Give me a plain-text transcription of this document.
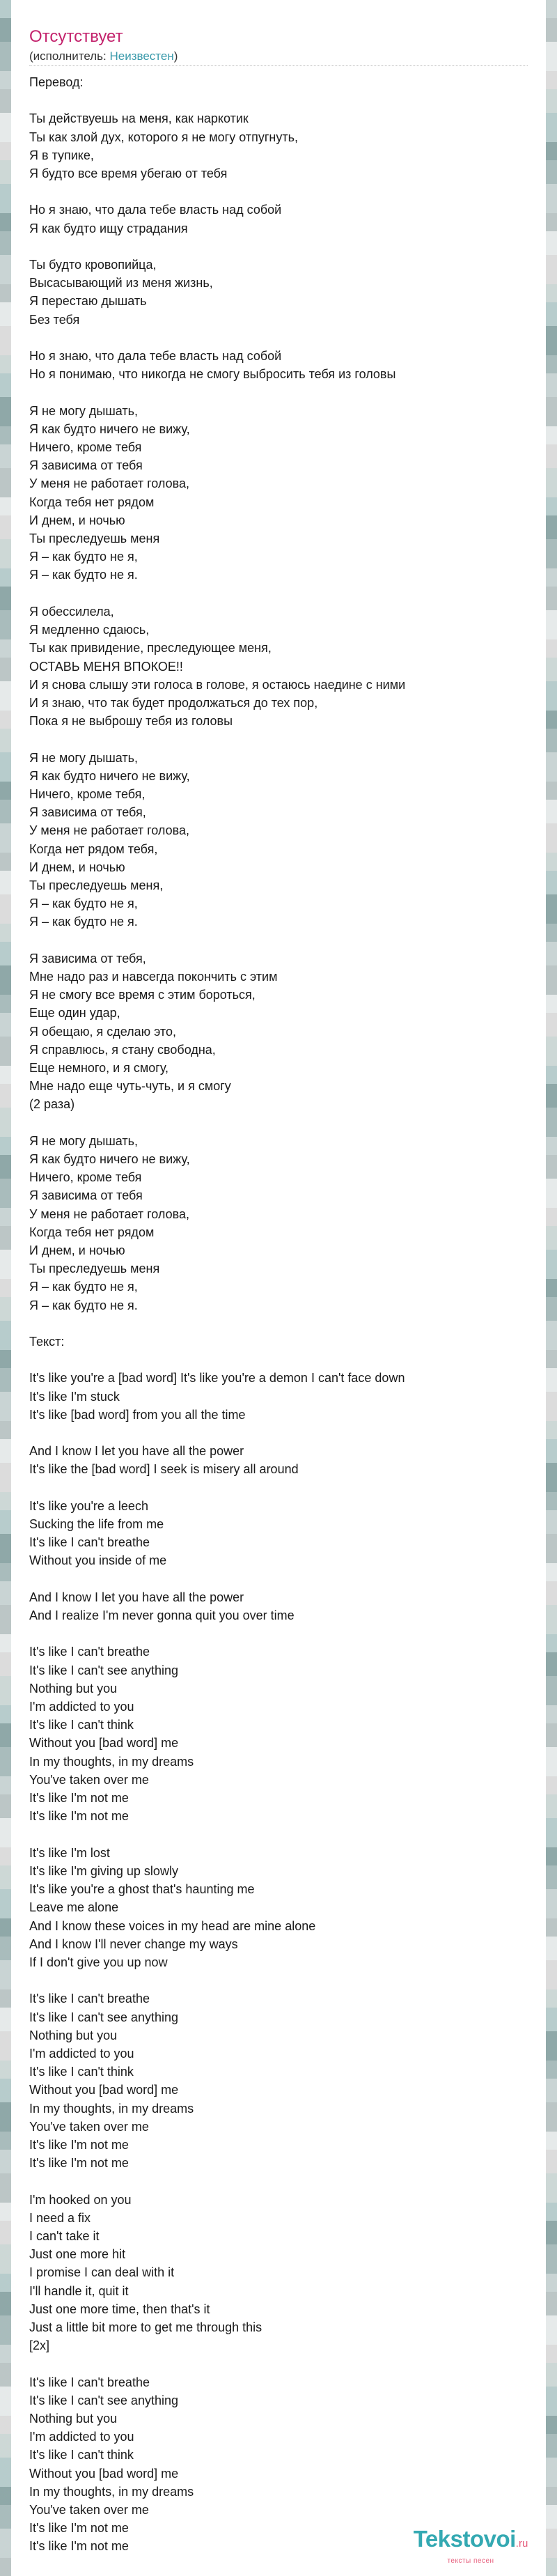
Отсутствует
(исполнитель: Неизвестен)
Перевод:

Ты действуешь на меня, как наркотик
Ты как злой дух, которого я не могу отпугнуть,
Я в тупике,
Я будто все время убегаю от тебя

Но я знаю, что дала тебе власть над собой
Я как будто ищу страдания

Ты будто кровопийца,
Высасывающий из меня жизнь,
Я перестаю дышать
Без тебя

Но я знаю, что дала тебе власть над собой
Но я понимаю, что никогда не смогу выбросить тебя из головы

Я не могу дышать,
Я как будто ничего не вижу,
Ничего, кроме тебя
Я зависима от тебя
У меня не работает голова,
Когда тебя нет рядом
И днем, и ночью
Ты преследуешь меня
Я – как будто не я,
Я – как будто не я.

Я обессилела,
Я медленно сдаюсь,
Ты как привидение, преследующее меня,
ОСТАВЬ МЕНЯ ВПОКОЕ!!
И я снова слышу эти голоса в голове, я остаюсь наедине с ними
И я знаю, что так будет продолжаться до тех пор,
Пока я не выброшу тебя из головы

Я не могу дышать,
Я как будто ничего не вижу,
Ничего, кроме тебя,
Я зависима от тебя,
У меня не работает голова,
Когда нет рядом тебя,
И днем, и ночью
Ты преследуешь меня,
Я – как будто не я,
Я – как будто не я.

Я зависима от тебя,
Мне надо раз и навсегда покончить с этим
Я не смогу все время с этим бороться,
Еще один удар,
Я обещаю, я сделаю это,
Я справлюсь, я стану свободна,
Еще немного, и я смогу,
Мне надо еще чуть-чуть, и я смогу
(2 раза)

Я не могу дышать,
Я как будто ничего не вижу,
Ничего, кроме тебя
Я зависима от тебя
У меня не работает голова,
Когда тебя нет рядом
И днем, и ночью
Ты преследуешь меня
Я – как будто не я,
Я – как будто не я.

Текст:

It's like you're a [bad word] It's like you're a demon I can't face down
It's like I'm stuck
It's like [bad word] from you all the time

And I know I let you have all the power
It's like the [bad word] I seek is misery all around

It's like you're a leech
Sucking the life from me
It's like I can't breathe
Without you inside of me

And I know I let you have all the power
And I realize I'm never gonna quit you over time

It's like I can't breathe
It's like I can't see anything
Nothing but you
I'm addicted to you
It's like I can't think
Without you [bad word] me
In my thoughts, in my dreams
You've taken over me
It's like I'm not me
It's like I'm not me

It's like I'm lost
It's like I'm giving up slowly
It's like you're a ghost that's haunting me
Leave me alone
And I know these voices in my head are mine alone
And I know I'll never change my ways
If I don't give you up now

It's like I can't breathe
It's like I can't see anything
Nothing but you
I'm addicted to you
It's like I can't think
Without you [bad word] me
In my thoughts, in my dreams
You've taken over me
It's like I'm not me
It's like I'm not me

I'm hooked on you
I need a fix
I can't take it
Just one more hit
I promise I can deal with it
I'll handle it, quit it
Just one more time, then that's it
Just a little bit more to get me through this
[2x]

It's like I can't breathe
It's like I can't see anything
Nothing but you
I'm addicted to you
It's like I can't think
Without you [bad word] me
In my thoughts, in my dreams
You've taken over me
It's like I'm not me
It's like I'm not me	Tekstovoi.ru
тексты песен
